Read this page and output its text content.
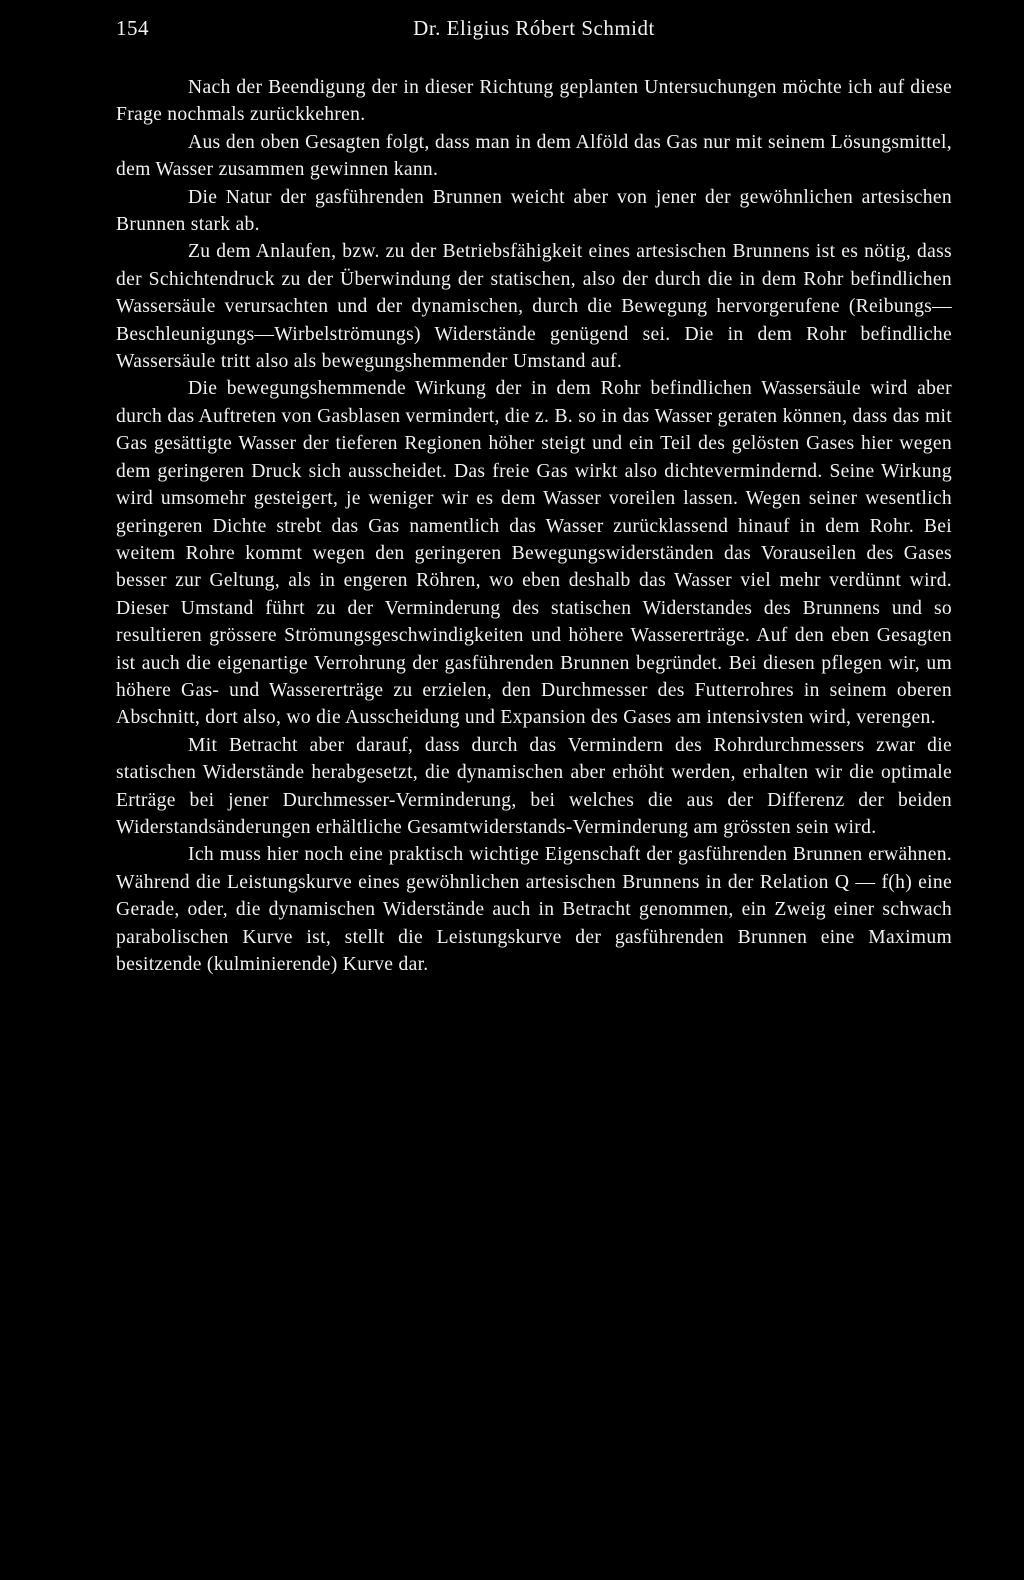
154	Dr. Eligius Róbert Schmidt

Nach der Beendigung der in dieser Richtung geplanten Untersuchungen möchte ich auf diese Frage nochmals zurückkehren.

Aus den oben Gesagten folgt, dass man in dem Alföld das Gas nur mit seinem Lösungsmittel, dem Wasser zusammen gewinnen kann.

Die Natur der gasführenden Brunnen weicht aber von jener der gewöhnlichen artesischen Brunnen stark ab.

Zu dem Anlaufen, bzw. zu der Betriebsfähigkeit eines artesischen Brunnens ist es nötig, dass der Schichtendruck zu der Überwindung der statischen, also der durch die in dem Rohr befindlichen Wassersäule verursachten und der dynamischen, durch die Bewegung hervorgerufene (Reibungs—Beschleunigungs—Wirbelströmungs) Widerstände genügend sei. Die in dem Rohr befindliche Wassersäule tritt also als bewegungshemmender Umstand auf.

Die bewegungshemmende Wirkung der in dem Rohr befindlichen Wassersäule wird aber durch das Auftreten von Gasblasen vermindert, die z. B. so in das Wasser geraten können, dass das mit Gas gesättigte Wasser der tieferen Regionen höher steigt und ein Teil des gelösten Gases hier wegen dem geringeren Druck sich ausscheidet. Das freie Gas wirkt also dichtevermindernd. Seine Wirkung wird umsomehr gesteigert, je weniger wir es dem Wasser voreilen lassen. Wegen seiner wesentlich geringeren Dichte strebt das Gas namentlich das Wasser zurücklassend hinauf in dem Rohr. Bei weitem Rohre kommt wegen den geringeren Bewegungswiderständen das Vorauseilen des Gases besser zur Geltung, als in engeren Röhren, wo eben deshalb das Wasser viel mehr verdünnt wird. Dieser Umstand führt zu der Verminderung des statischen Widerstandes des Brunnens und so resultieren grössere Strömungsgeschwindigkeiten und höhere Wassererträge. Auf den eben Gesagten ist auch die eigenartige Verrohrung der gasführenden Brunnen begründet. Bei diesen pflegen wir, um höhere Gas- und Wassererträge zu erzielen, den Durchmesser des Futterrohres in seinem oberen Abschnitt, dort also, wo die Ausscheidung und Expansion des Gases am intensivsten wird, verengen.

Mit Betracht aber darauf, dass durch das Vermindern des Rohrdurchmessers zwar die statischen Widerstände herabgesetzt, die dynamischen aber erhöht werden, erhalten wir die optimale Erträge bei jener Durchmesser-Verminderung, bei welches die aus der Differenz der beiden Widerstandsänderungen erhältliche Gesamtwiderstands-Verminderung am grössten sein wird.

Ich muss hier noch eine praktisch wichtige Eigenschaft der gasführenden Brunnen erwähnen. Während die Leistungskurve eines gewöhnlichen artesischen Brunnens in der Relation Q — f(h) eine Gerade, oder, die dynamischen Widerstände auch in Betracht genommen, ein Zweig einer schwach parabolischen Kurve ist, stellt die Leistungskurve der gasführenden Brunnen eine Maximum besitzende (kulminierende) Kurve dar.
